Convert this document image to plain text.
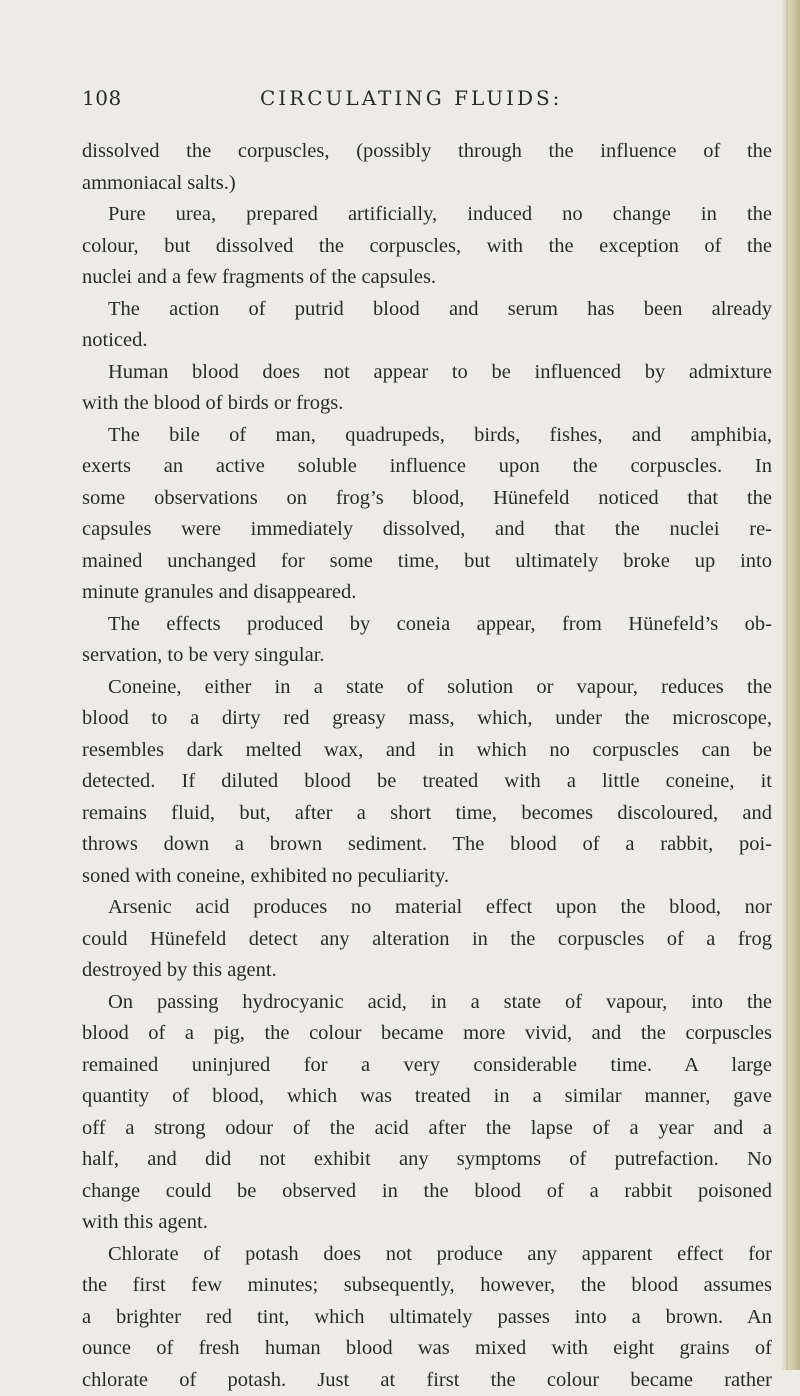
108	CIRCULATING FLUIDS:
dissolved the corpuscles, (possibly through the influence of the
ammoniacal salts.)
Pure urea, prepared artificially, induced no change in the
colour, but dissolved the corpuscles, with the exception of the
nuclei and a few fragments of the capsules.
The action of putrid blood and serum has been already
noticed.
Human blood does not appear to be influenced by admixture
with the blood of birds or frogs.
The bile of man, quadrupeds, birds, fishes, and amphibia,
exerts an active soluble influence upon the corpuscles. In
some observations on frog’s blood, Hünefeld noticed that the
capsules were immediately dissolved, and that the nuclei re-
mained unchanged for some time, but ultimately broke up into
minute granules and disappeared.
The effects produced by coneia appear, from Hünefeld’s ob-
servation, to be very singular.
Coneine, either in a state of solution or vapour, reduces the
blood to a dirty red greasy mass, which, under the microscope,
resembles dark melted wax, and in which no corpuscles can be
detected. If diluted blood be treated with a little coneine, it
remains fluid, but, after a short time, becomes discoloured, and
throws down a brown sediment. The blood of a rabbit, poi-
soned with coneine, exhibited no peculiarity.
Arsenic acid produces no material effect upon the blood, nor
could Hünefeld detect any alteration in the corpuscles of a frog
destroyed by this agent.
On passing hydrocyanic acid, in a state of vapour, into the
blood of a pig, the colour became more vivid, and the corpuscles
remained uninjured for a very considerable time. A large
quantity of blood, which was treated in a similar manner, gave
off a strong odour of the acid after the lapse of a year and a
half, and did not exhibit any symptoms of putrefaction. No
change could be observed in the blood of a rabbit poisoned
with this agent.
Chlorate of potash does not produce any apparent effect for
the first few minutes; subsequently, however, the blood assumes
a brighter red tint, which ultimately passes into a brown. An
ounce of fresh human blood was mixed with eight grains of
chlorate of potash. Just at first the colour became rather
